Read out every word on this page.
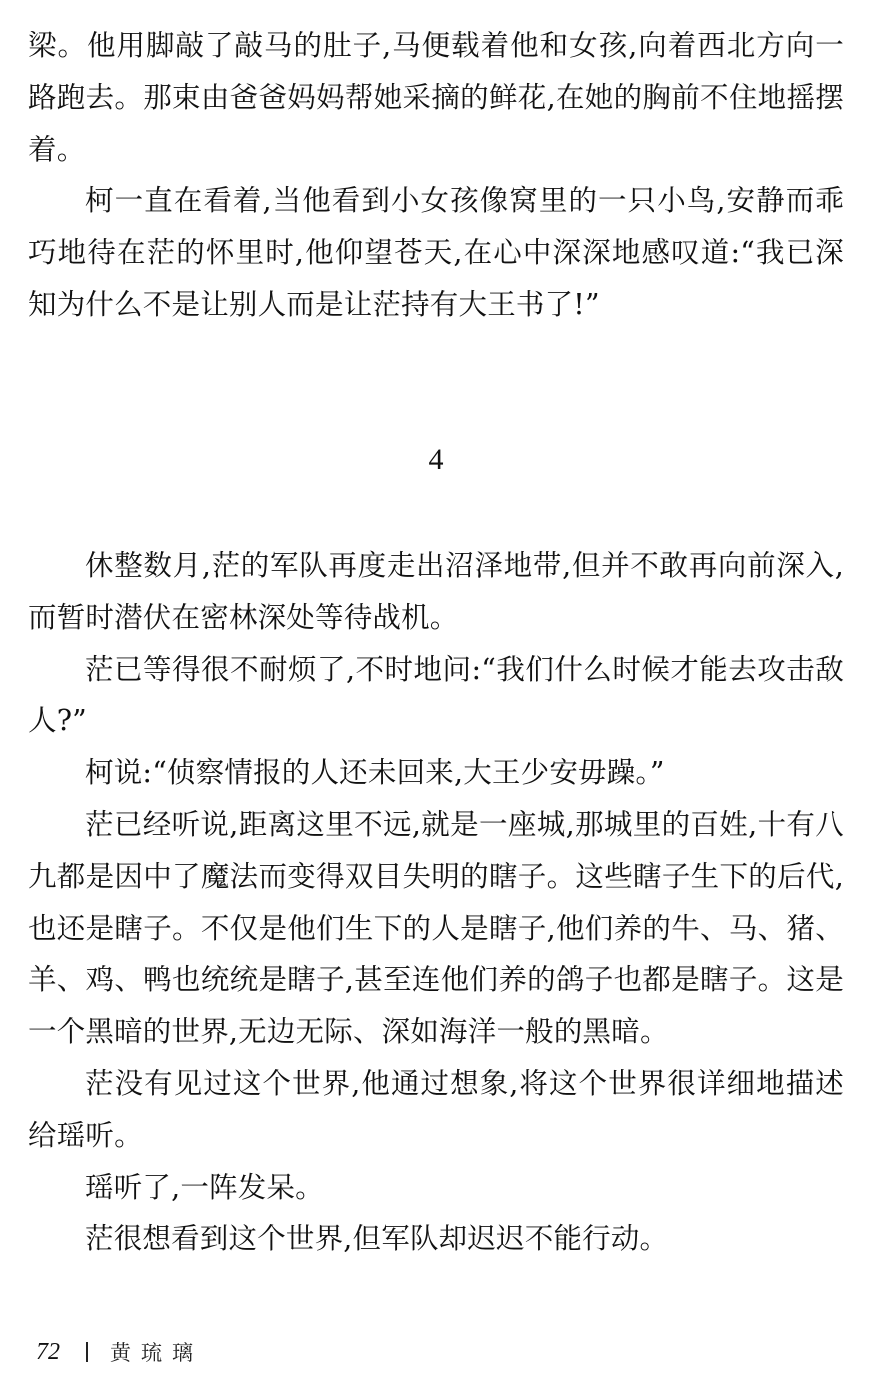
梁。他用脚敲了敲马的肚子,马便载着他和女孩,向着西北方向一路跑去。那束由爸爸妈妈帮她采摘的鲜花,在她的胸前不住地摇摆着。

柯一直在看着,当他看到小女孩像窝里的一只小鸟,安静而乖巧地待在茫的怀里时,他仰望苍天,在心中深深地感叹道:“我已深知为什么不是让别人而是让茫持有大王书了!”

4

休整数月,茫的军队再度走出沼泽地带,但并不敢再向前深入,而暂时潜伏在密林深处等待战机。

茫已等得很不耐烦了,不时地问:“我们什么时候才能去攻击敌人?”

柯说:“侦察情报的人还未回来,大王少安毋躁。”

茫已经听说,距离这里不远,就是一座城,那城里的百姓,十有八九都是因中了魔法而变得双目失明的瞎子。这些瞎子生下的后代,也还是瞎子。不仅是他们生下的人是瞎子,他们养的牛、马、猪、羊、鸡、鸭也统统是瞎子,甚至连他们养的鸽子也都是瞎子。这是一个黑暗的世界,无边无际、深如海洋一般的黑暗。

茫没有见过这个世界,他通过想象,将这个世界很详细地描述给瑶听。

瑶听了,一阵发呆。

茫很想看到这个世界,但军队却迟迟不能行动。

72 黄琉璃
